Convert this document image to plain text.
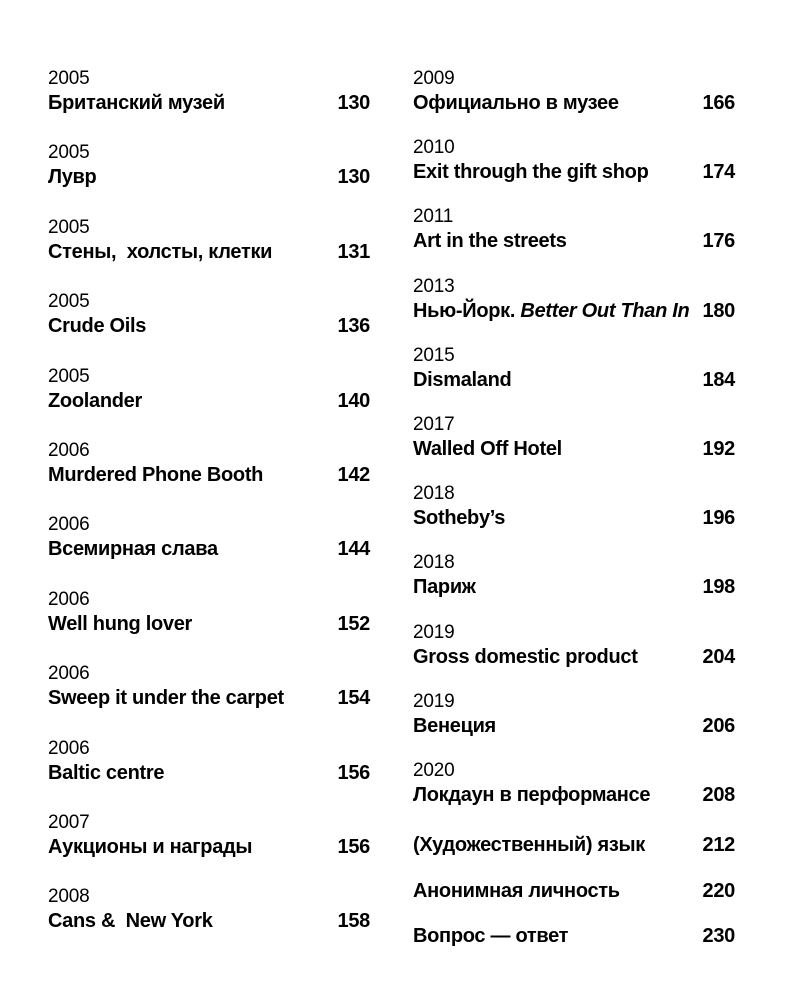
2005
Британский музей	130
2005
Лувр	130
2005
Стены,  холсты, клетки	131
2005
Crude Oils	136
2005
Zoolander	140
2006
Murdered Phone Booth	142
2006
Всемирная слава	144
2006
Well hung lover	152
2006
Sweep it under the carpet	154
2006
Baltic centre	156
2007
Аукционы и награды	156
2008
Cans &  New York	158
2009
Официально в музее	166
2010
Exit through the gift shop	174
2011
Art in the streets	176
2013
Нью-Йорк. Better Out Than In 180
2015
Dismaland	184
2017
Walled Off Hotel	192
2018
Sotheby’s	196
2018
Париж	198
2019
Gross domestic product	204
2019
Венеция	206
2020
Локдаун в перформансе	208
(Художественный) язык	212
Анонимная личность	220
Вопрос — ответ	230
